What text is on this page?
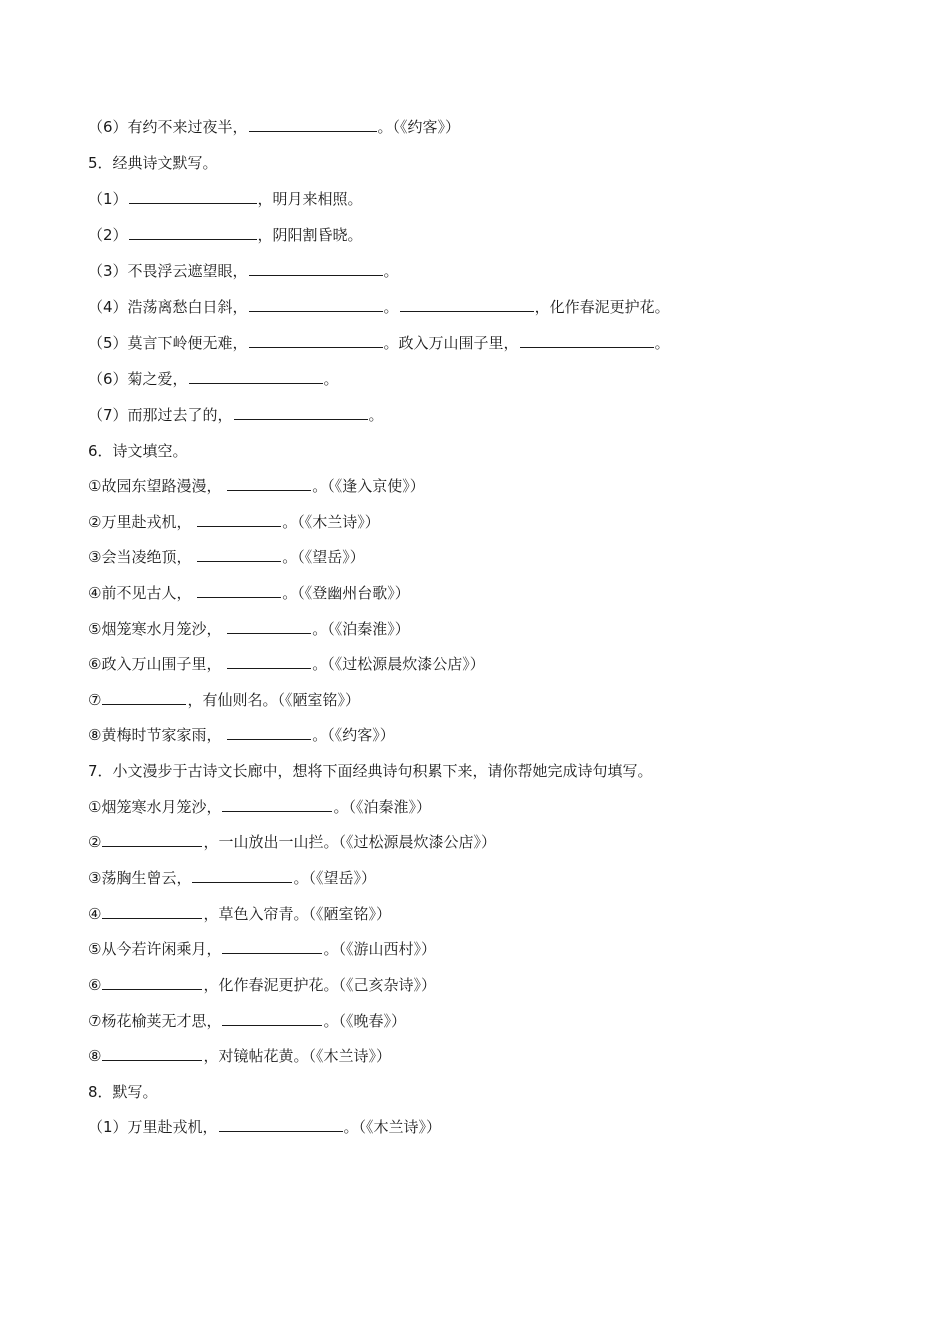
（6）有约不来过夜半，	。（《约客》）
5．经典诗文默写。
（1）	，明月来相照。
（2）	，阴阳割昏晓。
（3）不畏浮云遮望眼，	。
（4）浩荡离愁白日斜，	。	，化作春泥更护花。
（5）莫言下岭便无难，	。政入万山围子里，	。
（6）菊之爱，	。
（7）而那过去了的，	。
6．诗文填空。
①故园东望路漫漫，	。（《逢入京使》）
②万里赴戎机，	。（《木兰诗》）
③会当凌绝顶，	。（《望岳》）
④前不见古人，	。（《登幽州台歌》）
⑤烟笼寒水月笼沙，	。（《泊秦淮》）
⑥政入万山围子里，	。（《过松源晨炊漆公店》）
⑦	，有仙则名。（《陋室铭》）
⑧黄梅时节家家雨，	。（《约客》）
7．小文漫步于古诗文长廊中，想将下面经典诗句积累下来，请你帮她完成诗句填写。
①烟笼寒水月笼沙，	。（《泊秦淮》）
②	，一山放出一山拦。（《过松源晨炊漆公店》）
③荡胸生曾云，	。（《望岳》）
④	，草色入帘青。（《陋室铭》）
⑤从今若许闲乘月，	。（《游山西村》）
⑥	，化作春泥更护花。（《己亥杂诗》）
⑦杨花榆荚无才思，	。（《晚春》）
⑧	，对镜帖花黄。（《木兰诗》）
8．默写。
（1）万里赴戎机，	。（《木兰诗》）
